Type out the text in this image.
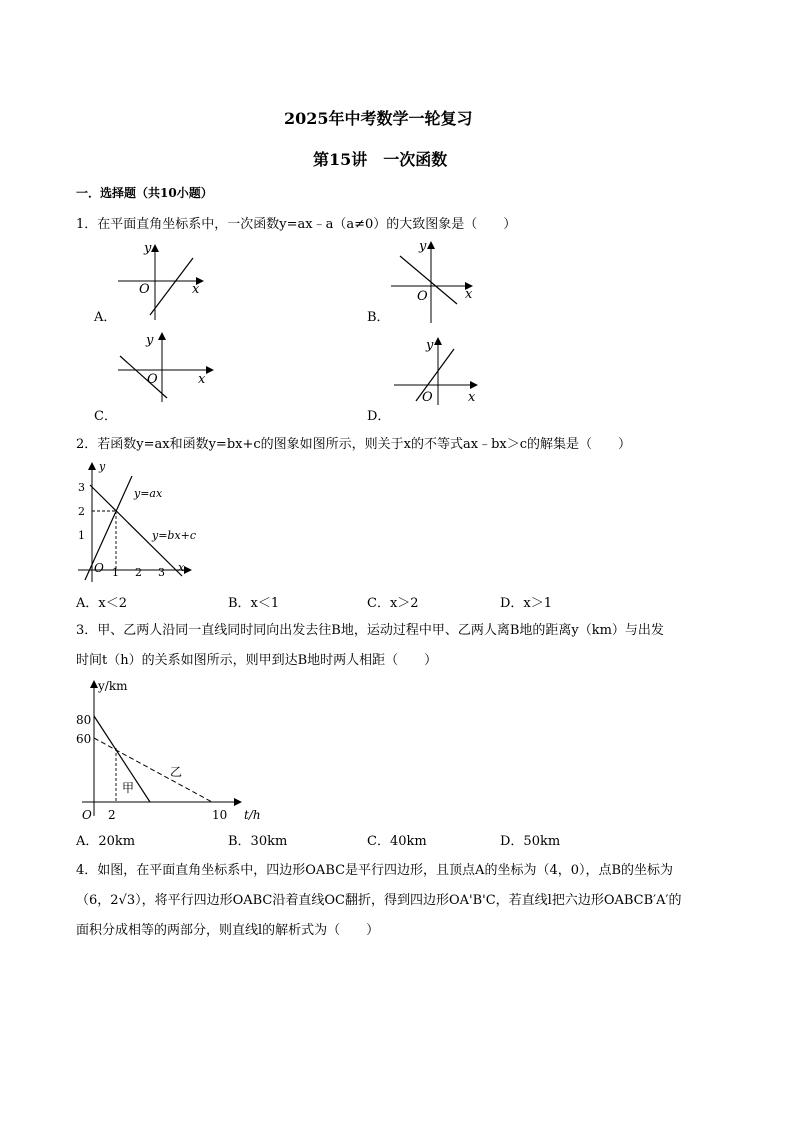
2025年中考数学一轮复习
第15讲　一次函数
一．选择题（共10小题）
1．在平面直角坐标系中，一次函数y=ax﹣a（a≠0）的大致图象是（　　）
y
x
O
A．
y
x
O
B．
y
x
O
C．
y
x
O
D．
2．若函数y=ax和函数y=bx+c的图象如图所示，则关于x的不等式ax﹣bx＞c的解集是（　　）
3
2
1
1 2 3
O	x
y
y=ax
y=bx+c
A．x＜2	B．x＜1	C．x＞2	D．x＞1
3．甲、乙两人沿同一直线同时同向出发去往B地，运动过程中甲、乙两人离B地的距离y（km）与出发
时间t（h）的关系如图所示，则甲到达B地时两人相距（　　）
y/km
80
60
O 2	10 t/h
甲
乙
A．20km	B．30km	C．40km	D．50km
4．如图，在平面直角坐标系中，四边形OABC是平行四边形，且顶点A的坐标为（4，0），点B的坐标为
（6，2√3），将平行四边形OABC沿着直线OC翻折，得到四边形OA'B'C，若直线l把六边形OABCB′A′的
面积分成相等的两部分，则直线l的解析式为（　　）
